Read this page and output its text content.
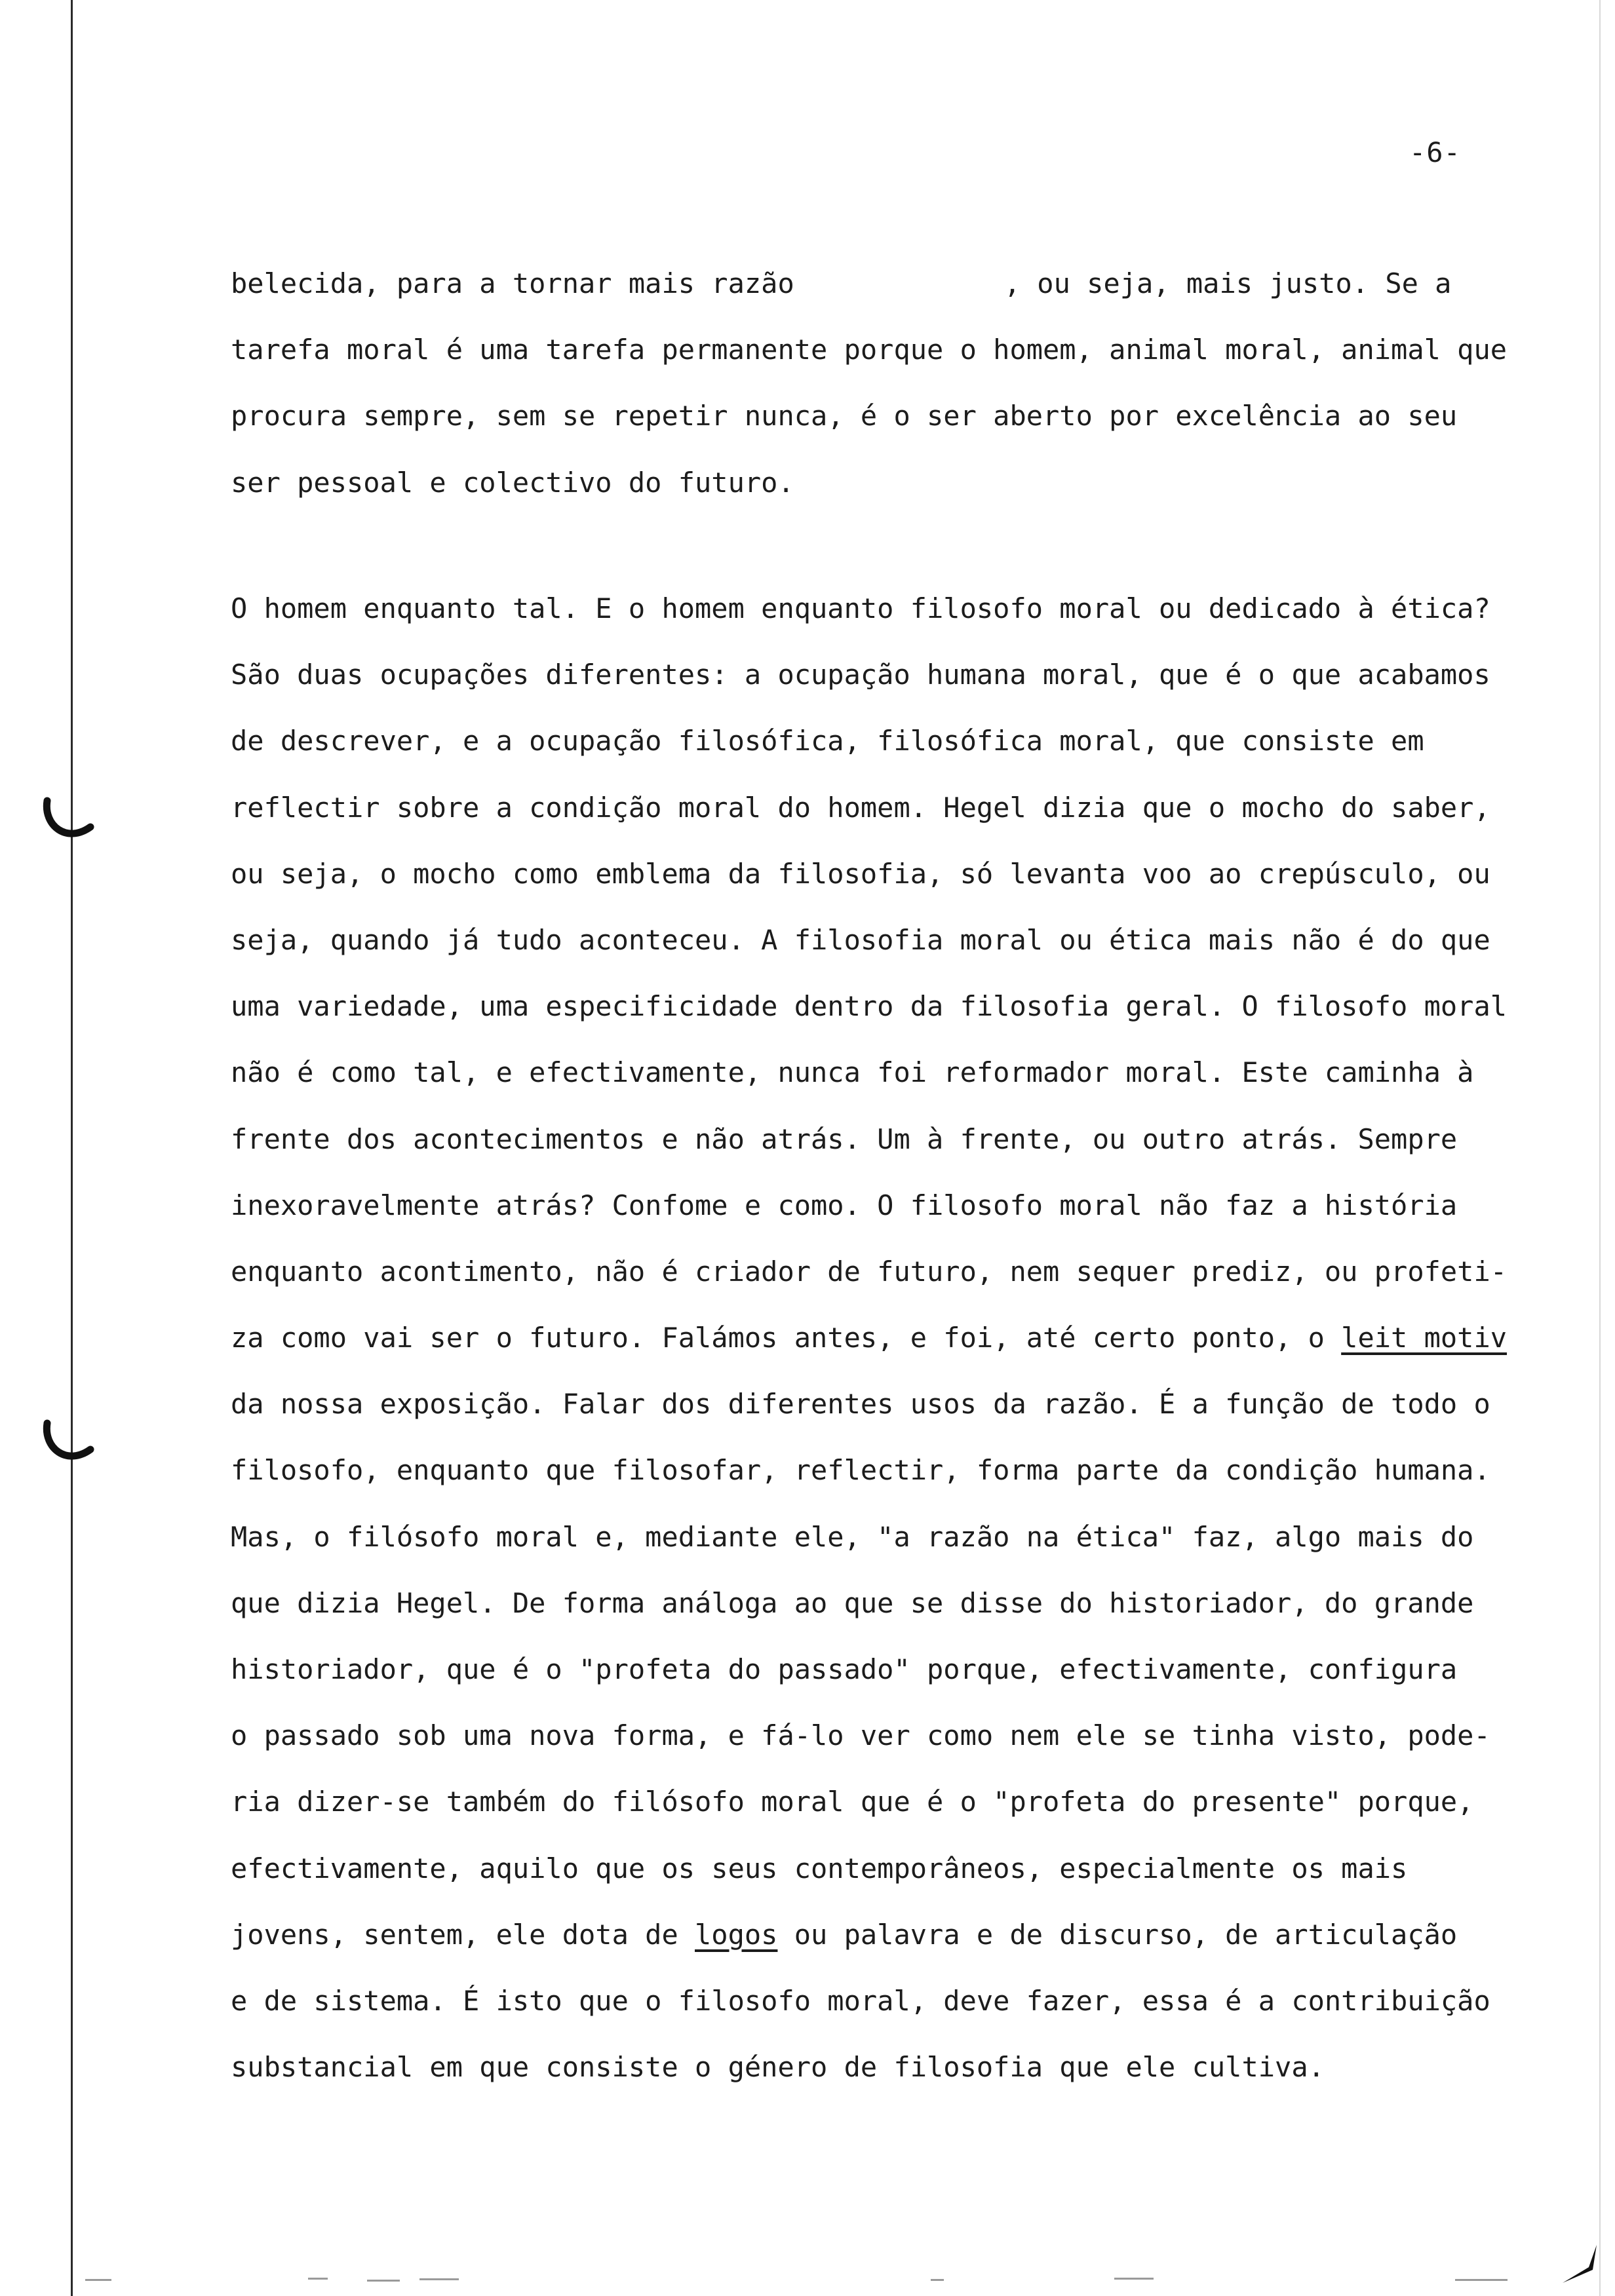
-6-
belecida, para a tornar mais razão	, ou seja, mais justo. Se a
tarefa moral é uma tarefa permanente porque o homem, animal moral, animal que
procura sempre, sem se repetir nunca, é o ser aberto por excelência ao seu
ser pessoal e colectivo do futuro.
O homem enquanto tal. E o homem enquanto filosofo moral ou dedicado à ética?
São duas ocupações diferentes: a ocupação humana moral, que é o que acabamos
de descrever, e a ocupação filosófica, filosófica moral, que consiste em
reflectir sobre a condição moral do homem. Hegel dizia que o mocho do saber,
ou seja, o mocho como emblema da filosofia, só levanta voo ao crepúsculo, ou
seja, quando já tudo aconteceu. A filosofia moral ou ética mais não é do que
uma variedade, uma especificidade dentro da filosofia geral. O filosofo moral
não é como tal, e efectivamente, nunca foi reformador moral. Este caminha à
frente dos acontecimentos e não atrás. Um à frente, ou outro atrás. Sempre
inexoravelmente atrás? Confome e como. O filosofo moral não faz a história
enquanto acontimento, não é criador de futuro, nem sequer prediz, ou profeti-
za como vai ser o futuro. Falámos antes, e foi, até certo ponto, o leit motiv
da nossa exposição. Falar dos diferentes usos da razão. É a função de todo o
filosofo, enquanto que filosofar, reflectir, forma parte da condição humana.
Mas, o filósofo moral e, mediante ele, "a razão na ética" faz, algo mais do
que dizia Hegel. De forma análoga ao que se disse do historiador, do grande
historiador, que é o "profeta do passado" porque, efectivamente, configura
o passado sob uma nova forma, e fá-lo ver como nem ele se tinha visto, pode-
ria dizer-se também do filósofo moral que é o "profeta do presente" porque,
efectivamente, aquilo que os seus contemporâneos, especialmente os mais
jovens, sentem, ele dota de logos ou palavra e de discurso, de articulação
e de sistema. É isto que o filosofo moral, deve fazer, essa é a contribuição
substancial em que consiste o género de filosofia que ele cultiva.
